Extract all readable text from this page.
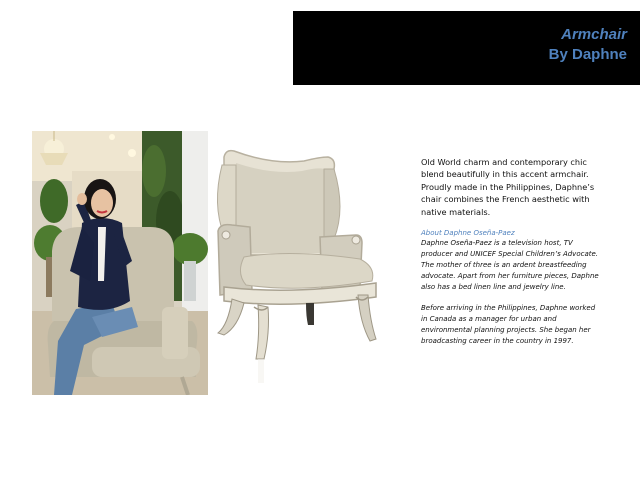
Armchair
By Daphne

Old World charm and contemporary chic blend beautifully in this accent armchair. Proudly made in the Philippines, Daphne’s chair combines the French aesthetic with native materials.

About Daphne Oseña-Paez

Daphne Oseña-Paez is a television host, TV producer and UNICEF Special Children’s Advocate. The mother of three is an ardent breastfeeding advocate. Apart from her furniture pieces, Daphne also has a bed linen line and jewelry line.

Before arriving in the Philippines, Daphne worked in Canada as a manager for urban and environmental planning projects. She began her broadcasting career in the country in 1997.
